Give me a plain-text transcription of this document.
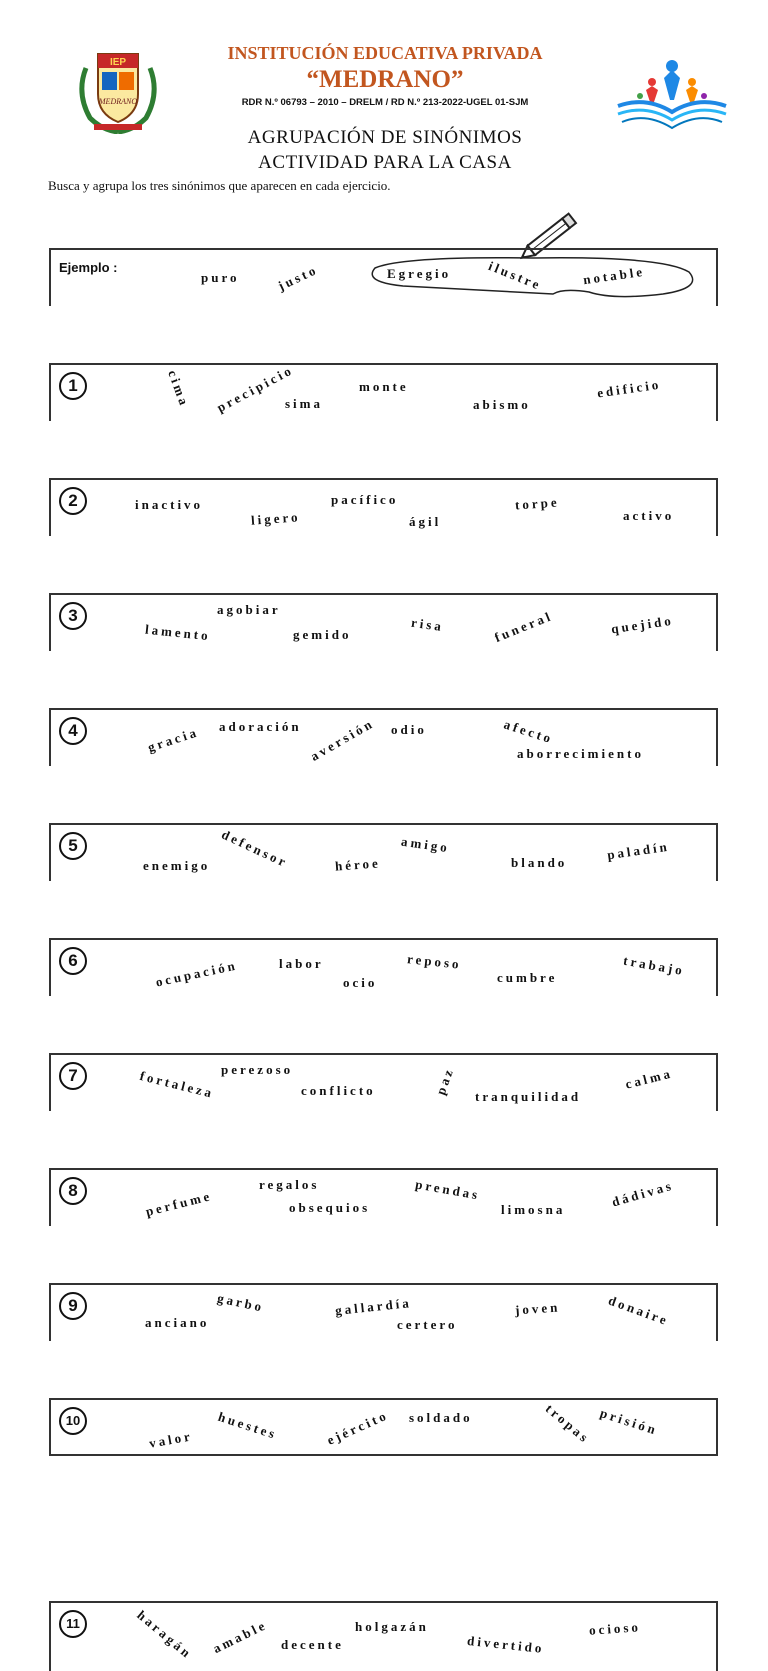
IEP
MEDRANO
INSTITUCIÓN EDUCATIVA PRIVADA
“MEDRANO”
RDR N.º 06793 – 2010 – DRELM / RD N.º 213-2022-UGEL 01-SJM
AGRUPACIÓN DE SINÓNIMOS
ACTIVIDAD PARA LA CASA
Busca y agrupa los tres sinónimos que aparecen en cada ejercicio.
Ejemplo :
puro	justo	Egregio	ilustre	notable
1	cima precipicio
sima
monte
abismo
edificio
2	inactivo
ligero
pacífico
ágil
torpe
activo
3	agobiar
lamento	gemido
risa	funeral	quejido
4	gracia adoración aversión odio	afecto
aborrecimiento
5	defensor
enemigo	héroe
amigo
blando
paladín
6	ocupación	labor
ocio
reposo
cumbre	trabajo
7	fortaleza perezoso
conflicto	paz tranquilidad
calma
8	perfume
regalos
obsequios
prendas
limosna
dádivas
9
anciano
garbo	gallardía
certero
joven	donaire
10
valor huestes	ejército soldado	tropas prisión
11	haragán amable decente
holgazán
divertido
ocioso
